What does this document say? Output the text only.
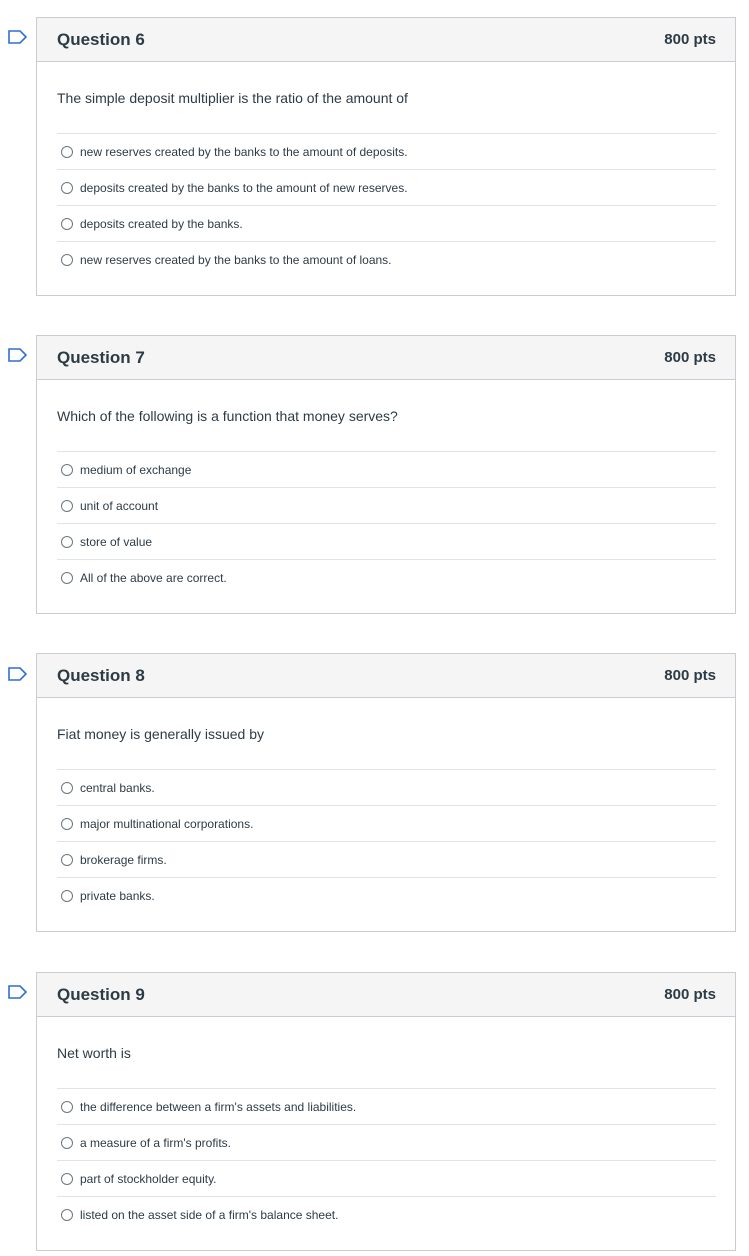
Question 6	800 pts
The simple deposit multiplier is the ratio of the amount of
new reserves created by the banks to the amount of deposits.
deposits created by the banks to the amount of new reserves.
deposits created by the banks.
new reserves created by the banks to the amount of loans.
Question 7	800 pts
Which of the following is a function that money serves?
medium of exchange
unit of account
store of value
All of the above are correct.
Question 8	800 pts
Fiat money is generally issued by
central banks.
major multinational corporations.
brokerage firms.
private banks.
Question 9	800 pts
Net worth is
the difference between a firm's assets and liabilities.
a measure of a firm's profits.
part of stockholder equity.
listed on the asset side of a firm's balance sheet.
